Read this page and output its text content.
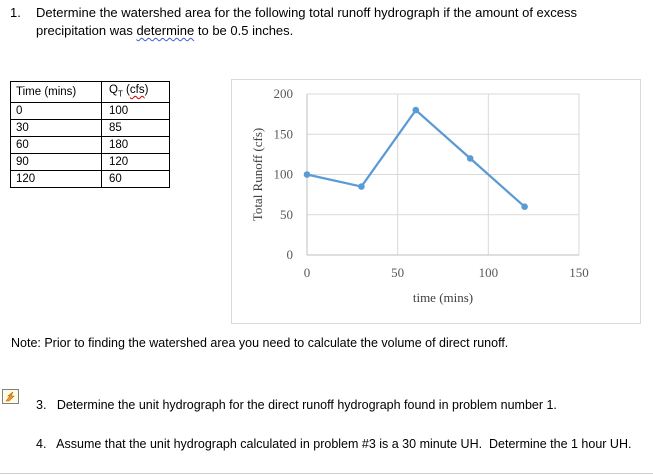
1. Determine the watershed area for the following total runoff hydrograph if the amount of excess precipitation was determine to be 0.5 inches.
Time (mins)	$Q_T$ (cfs)
0	100
30	85
60	180
90	120
120	60
0
50
100
150
200
0	50	100	150
time (mins)
Total Runoff (cfs)
Note: Prior to finding the watershed area you need to calculate the volume of direct runoff.
3.   Determine the unit hydrograph for the direct runoff hydrograph found in problem number 1.
4.   Assume that the unit hydrograph calculated in problem #3 is a 30 minute UH.  Determine the 1 hour UH.
